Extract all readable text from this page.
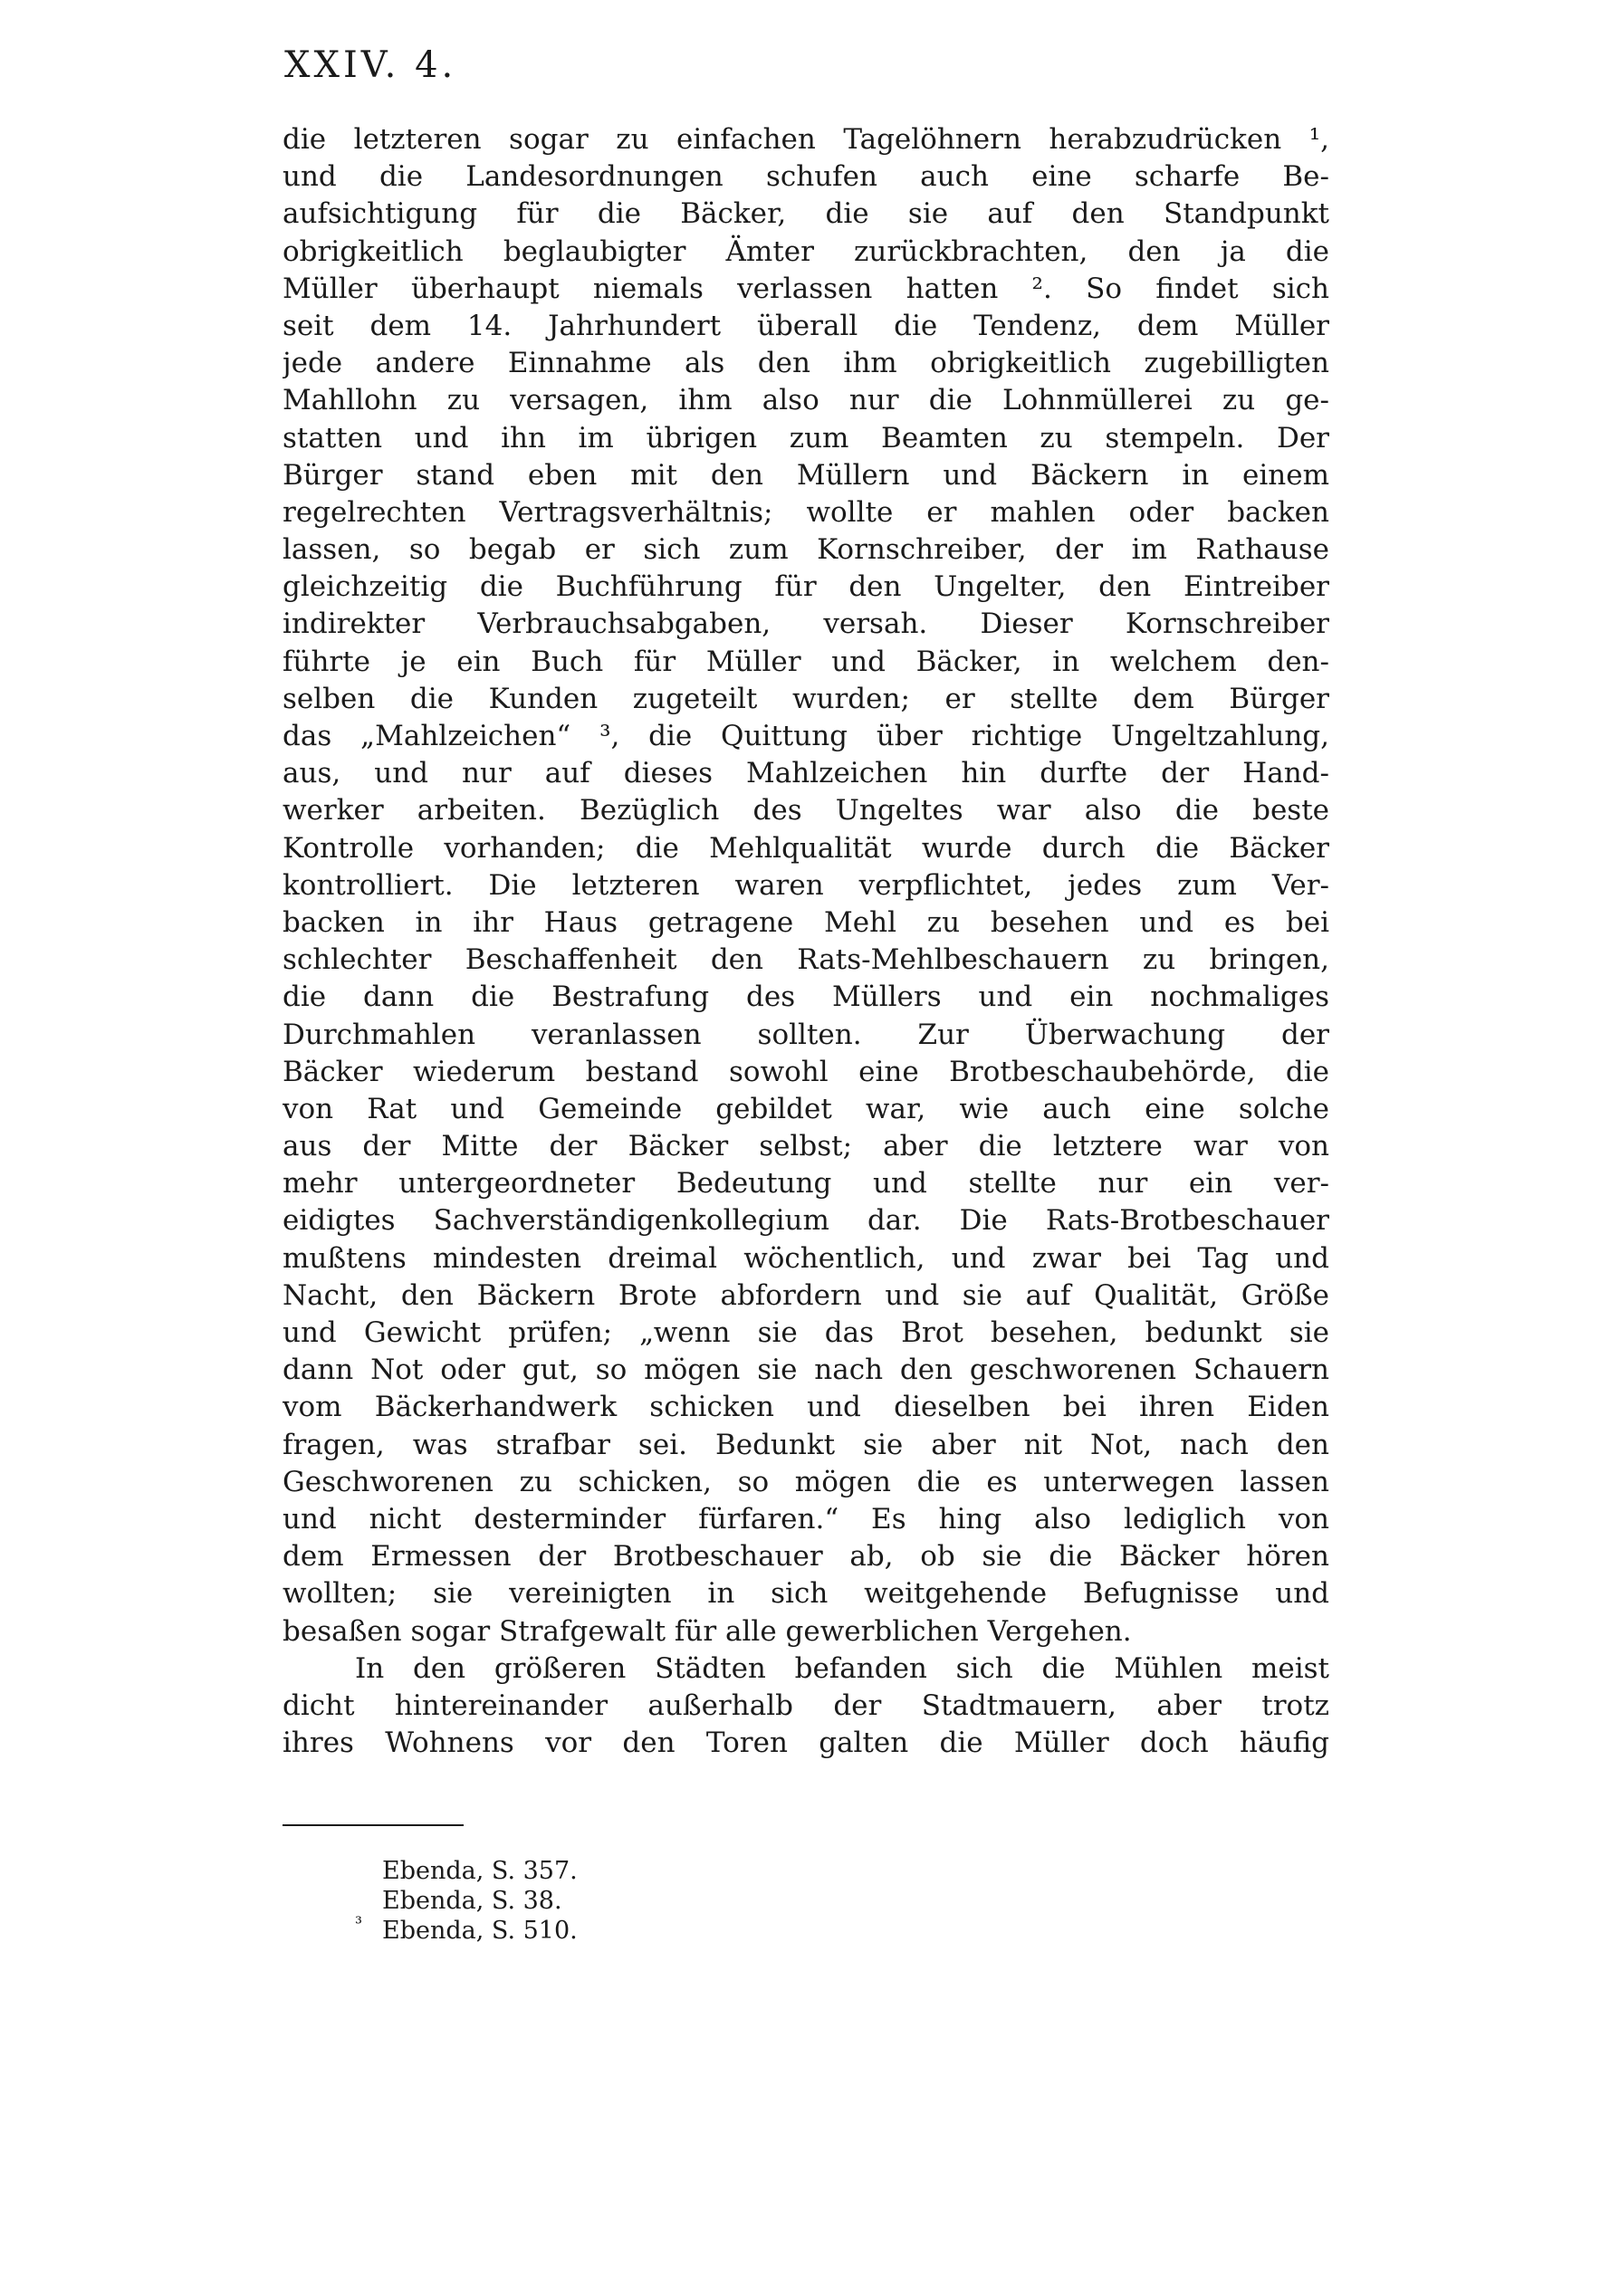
XXIV. 4.
die letzteren sogar zu einfachen Tagelöhnern herabzudrücken ¹,
und die Landesordnungen schufen auch eine scharfe Be-
aufsichtigung für die Bäcker, die sie auf den Standpunkt
obrigkeitlich beglaubigter Ämter zurückbrachten, den ja die
Müller überhaupt niemals verlassen hatten ². So findet sich
seit dem 14. Jahrhundert überall die Tendenz, dem Müller
jede andere Einnahme als den ihm obrigkeitlich zugebilligten
Mahllohn zu versagen, ihm also nur die Lohnmüllerei zu ge-
statten und ihn im übrigen zum Beamten zu stempeln. Der
Bürger stand eben mit den Müllern und Bäckern in einem
regelrechten Vertragsverhältnis; wollte er mahlen oder backen
lassen, so begab er sich zum Kornschreiber, der im Rathause
gleichzeitig die Buchführung für den Ungelter, den Eintreiber
indirekter Verbrauchsabgaben, versah. Dieser Kornschreiber
führte je ein Buch für Müller und Bäcker, in welchem den-
selben die Kunden zugeteilt wurden; er stellte dem Bürger
das „Mahlzeichen“ ³, die Quittung über richtige Ungeltzahlung,
aus, und nur auf dieses Mahlzeichen hin durfte der Hand-
werker arbeiten. Bezüglich des Ungeltes war also die beste
Kontrolle vorhanden; die Mehlqualität wurde durch die Bäcker
kontrolliert. Die letzteren waren verpflichtet, jedes zum Ver-
backen in ihr Haus getragene Mehl zu besehen und es bei
schlechter Beschaffenheit den Rats-Mehlbeschauern zu bringen,
die dann die Bestrafung des Müllers und ein nochmaliges
Durchmahlen veranlassen sollten. Zur Überwachung der
Bäcker wiederum bestand sowohl eine Brotbeschaubehörde, die
von Rat und Gemeinde gebildet war, wie auch eine solche
aus der Mitte der Bäcker selbst; aber die letztere war von
mehr untergeordneter Bedeutung und stellte nur ein ver-
eidigtes Sachverständigenkollegium dar. Die Rats-Brotbeschauer
mußtens mindesten dreimal wöchentlich, und zwar bei Tag und
Nacht, den Bäckern Brote abfordern und sie auf Qualität, Größe
und Gewicht prüfen; „wenn sie das Brot besehen, bedunkt sie
dann Not oder gut, so mögen sie nach den geschworenen Schauern
vom Bäckerhandwerk schicken und dieselben bei ihren Eiden
fragen, was strafbar sei. Bedunkt sie aber nit Not, nach den
Geschworenen zu schicken, so mögen die es unterwegen lassen
und nicht desterminder fürfaren.“ Es hing also lediglich von
dem Ermessen der Brotbeschauer ab, ob sie die Bäcker hören
wollten; sie vereinigten in sich weitgehende Befugnisse und
besaßen sogar Strafgewalt für alle gewerblichen Vergehen.
In den größeren Städten befanden sich die Mühlen meist
dicht hintereinander außerhalb der Stadtmauern, aber trotz
ihres Wohnens vor den Toren galten die Müller doch häufig
Ebenda, S. 357.
Ebenda, S. 38.
³ Ebenda, S. 510.
